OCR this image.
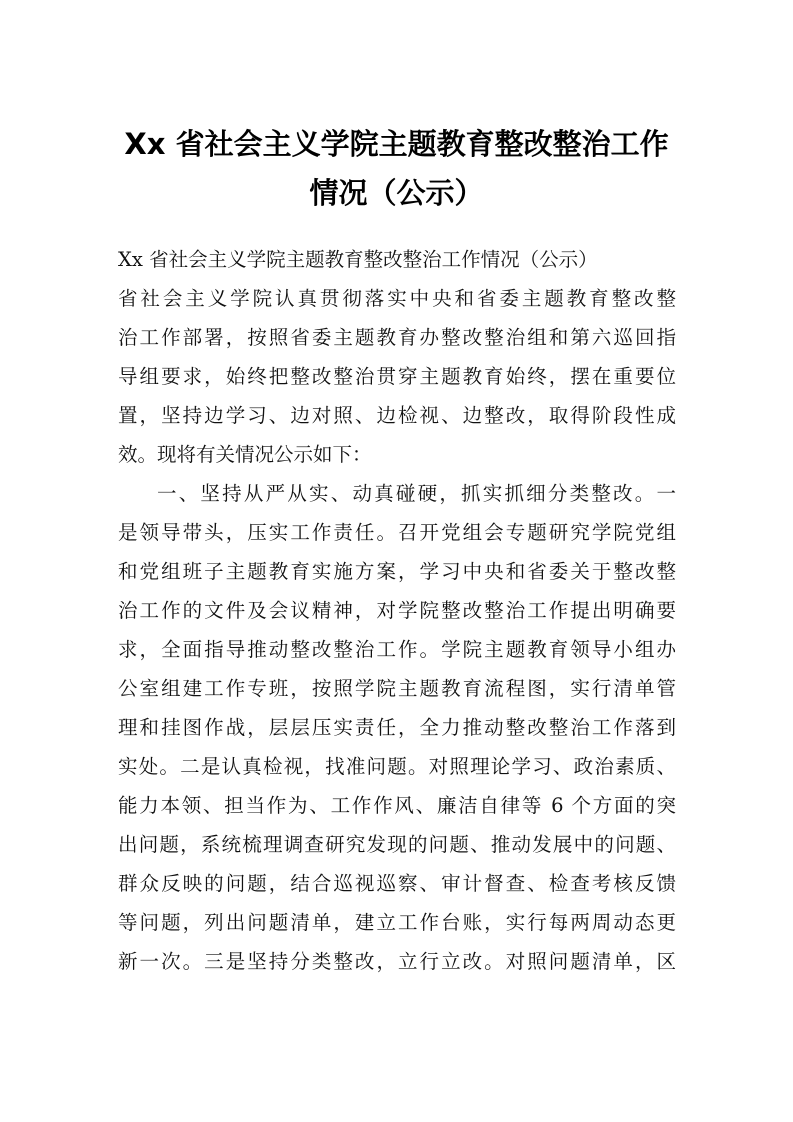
Xx 省社会主义学院主题教育整改整治工作
情况（公示）
Xx 省社会主义学院主题教育整改整治工作情况（公示）
省社会主义学院认真贯彻落实中央和省委主题教育整改整
治工作部署，按照省委主题教育办整改整治组和第六巡回指
导组要求，始终把整改整治贯穿主题教育始终，摆在重要位
置，坚持边学习、边对照、边检视、边整改，取得阶段性成
效。现将有关情况公示如下：
一、坚持从严从实、动真碰硬，抓实抓细分类整改。一
是领导带头，压实工作责任。召开党组会专题研究学院党组
和党组班子主题教育实施方案，学习中央和省委关于整改整
治工作的文件及会议精神，对学院整改整治工作提出明确要
求，全面指导推动整改整治工作。学院主题教育领导小组办
公室组建工作专班，按照学院主题教育流程图，实行清单管
理和挂图作战，层层压实责任，全力推动整改整治工作落到
实处。二是认真检视，找准问题。对照理论学习、政治素质、
能力本领、担当作为、工作作风、廉洁自律等 6 个方面的突
出问题，系统梳理调查研究发现的问题、推动发展中的问题、
群众反映的问题，结合巡视巡察、审计督查、检查考核反馈
等问题，列出问题清单，建立工作台账，实行每两周动态更
新一次。三是坚持分类整改，立行立改。对照问题清单，区
